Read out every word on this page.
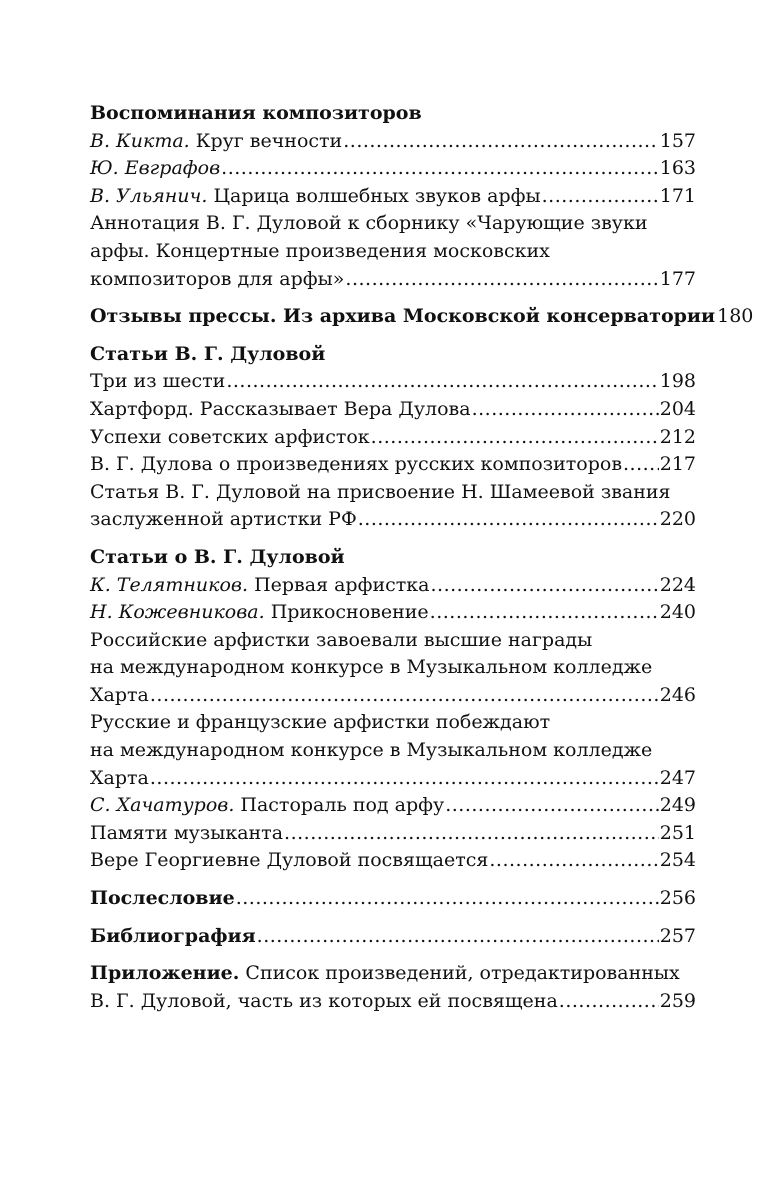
Воспоминания композиторов
В. Кикта. Круг вечности .....	157
Ю. Евграфов .....	163
В. Ульянич. Царица волшебных звуков арфы .....	171
Аннотация В. Г. Дуловой к сборнику «Чарующие звуки
арфы. Концертные произведения московских
композиторов для арфы» .....	177
Отзывы прессы. Из архива Московской консерватории 180
Статьи В. Г. Дуловой
Три из шести .....	198
Хартфорд. Рассказывает Вера Дулова .....	204
Успехи советских арфисток .....	212
В. Г. Дулова о произведениях русских композиторов ..... 217
Статья В. Г. Дуловой на присвоение Н. Шамеевой звания
заслуженной артистки РФ .....	220
Статьи о В. Г. Дуловой
К. Телятников. Первая арфистка .....	224
Н. Кожевникова. Прикосновение .....	240
Российские арфистки завоевали высшие награды
на международном конкурсе в Музыкальном колледже
Харта .....	246
Русские и французские арфистки побеждают
на международном конкурсе в Музыкальном колледже
Харта .....	247
С. Хачатуров. Пастораль под арфу .....	249
Памяти музыканта .....	251
Вере Георгиевне Дуловой посвящается .....	254
Послесловие .....	256
Библиография .....	257
Приложение. Список произведений, отредактированных
В. Г. Дуловой, часть из которых ей посвящена .....	259
